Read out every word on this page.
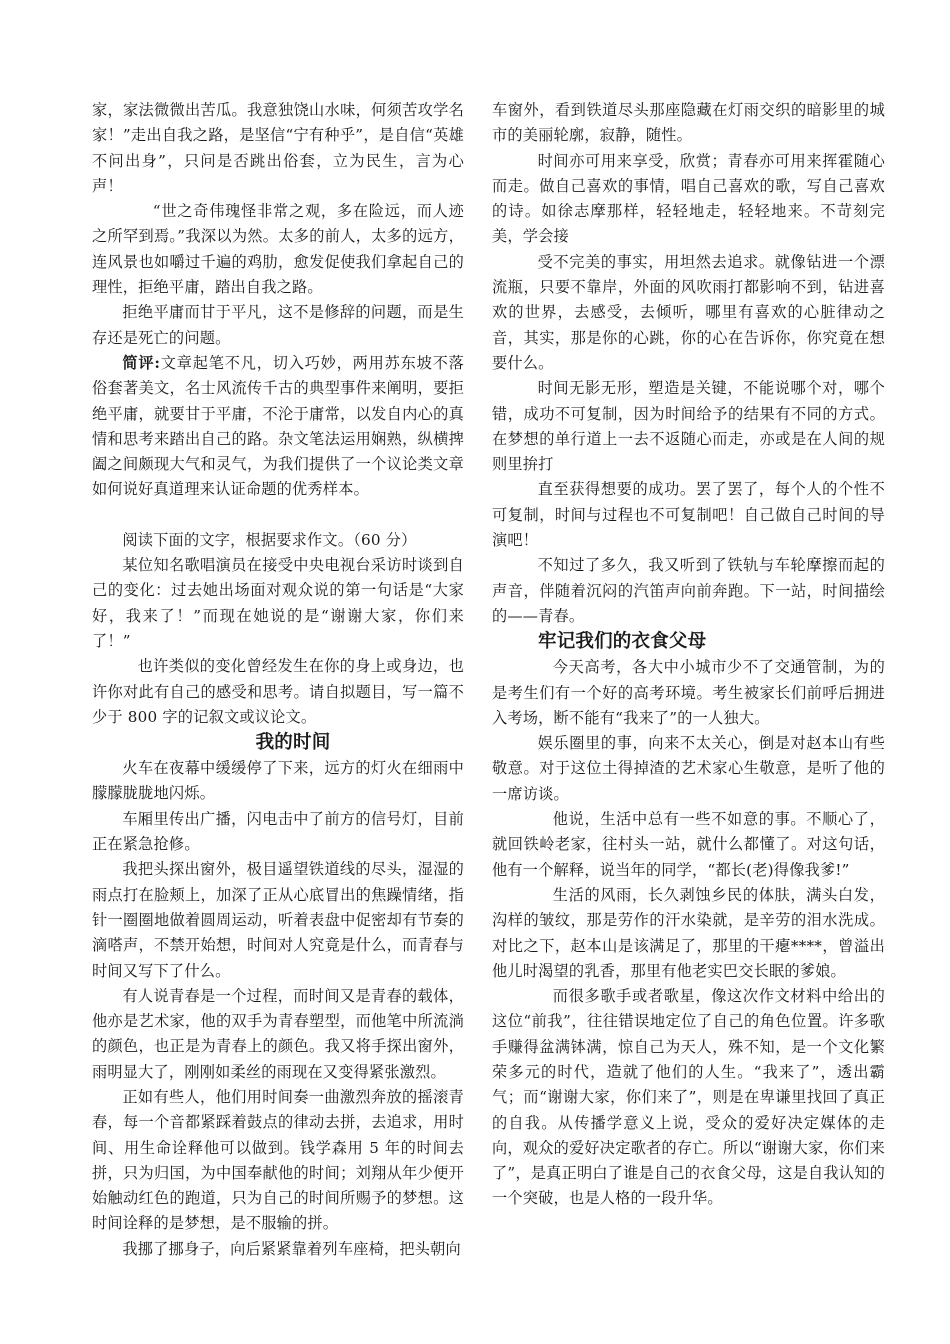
家，家法微微出苦瓜。我意独饶山水味，何须苦攻学名家！”走出自我之路，是坚信“宁有种乎”，是自信“英雄不问出身”，只问是否跳出俗套，立为民生，言为心声！

“世之奇伟瑰怪非常之观，多在险远，而人迹之所罕到焉。”我深以为然。太多的前人，太多的远方，连风景也如嚼过千遍的鸡肋，愈发促使我们拿起自己的理性，拒绝平庸，踏出自我之路。

拒绝平庸而甘于平凡，这不是修辞的问题，而是生存还是死亡的问题。

简评:文章起笔不凡，切入巧妙，两用苏东坡不落俗套著美文，名士风流传千古的典型事件来阐明，要拒绝平庸，就要甘于平庸，不沦于庸常，以发自内心的真情和思考来踏出自己的路。杂文笔法运用娴熟，纵横捭阖之间颇现大气和灵气，为我们提供了一个议论类文章如何说好真道理来认证命题的优秀样本。

阅读下面的文字，根据要求作文。（60 分）

某位知名歌唱演员在接受中央电视台采访时谈到自己的变化：过去她出场面对观众说的第一句话是“大家好，我来了！”而现在她说的是“谢谢大家，你们来了！”

也许类似的变化曾经发生在你的身上或身边，也许你对此有自己的感受和思考。请自拟题目，写一篇不少于 800 字的记叙文或议论文。

我的时间

火车在夜幕中缓缓停了下来，远方的灯火在细雨中朦朦胧胧地闪烁。

车厢里传出广播，闪电击中了前方的信号灯，目前正在紧急抢修。

我把头探出窗外，极目遥望铁道线的尽头，湿湿的雨点打在脸颊上，加深了正从心底冒出的焦躁情绪，指针一圈圈地做着圆周运动，听着表盘中促密却有节奏的滴嗒声，不禁开始想，时间对人究竟是什么，而青春与时间又写下了什么。

有人说青春是一个过程，而时间又是青春的载体，他亦是艺术家，他的双手为青春塑型，而他笔中所流淌的颜色，也正是为青春上的颜色。我又将手探出窗外，雨明显大了，刚刚如柔丝的雨现在又变得紧张激烈。

正如有些人，他们用时间奏一曲激烈奔放的摇滚青春，每一个音都紧踩着鼓点的律动去拼，去追求，用时间、用生命诠释他可以做到。钱学森用 5 年的时间去拼，只为归国，为中国奉献他的时间；刘翔从年少便开始触动红色的跑道，只为自己的时间所赐予的梦想。这时间诠释的是梦想，是不服输的拼。

我挪了挪身子，向后紧紧靠着列车座椅，把头朝向

车窗外，看到铁道尽头那座隐藏在灯雨交织的暗影里的城市的美丽轮廓，寂静，随性。

时间亦可用来享受，欣赏；青春亦可用来挥霍随心而走。做自己喜欢的事情，唱自己喜欢的歌，写自己喜欢的诗。如徐志摩那样，轻轻地走，轻轻地来。不苛刻完美，学会接

受不完美的事实，用坦然去追求。就像钻进一个漂流瓶，只要不靠岸，外面的风吹雨打都影响不到，钻进喜欢的世界，去感受，去倾听，哪里有喜欢的心脏律动之音，其实，那是你的心跳，你的心在告诉你，你究竟在想要什么。

时间无影无形，塑造是关键，不能说哪个对，哪个错，成功不可复制，因为时间给予的结果有不同的方式。在梦想的单行道上一去不返随心而走，亦或是在人间的规则里拚打

直至获得想要的成功。罢了罢了，每个人的个性不可复制，时间与过程也不可复制吧！自己做自己时间的导演吧！

不知过了多久，我又听到了铁轨与车轮摩擦而起的声音，伴随着沉闷的汽笛声向前奔跑。下一站，时间描绘的——青春。

牢记我们的衣食父母

今天高考，各大中小城市少不了交通管制，为的是考生们有一个好的高考环境。考生被家长们前呼后拥进入考场，断不能有“我来了”的一人独大。

娱乐圈里的事，向来不太关心，倒是对赵本山有些敬意。对于这位土得掉渣的艺术家心生敬意，是听了他的一席访谈。

他说，生活中总有一些不如意的事。不顺心了，就回铁岭老家，往村头一站，就什么都懂了。对这句话，他有一个解释，说当年的同学，“都长(老)得像我爹!”

生活的风雨，长久剥蚀乡民的体肤，满头白发，沟样的皱纹，那是劳作的汗水染就，是辛劳的泪水洗成。对比之下，赵本山是该满足了，那里的干瘪****，曾溢出他儿时渴望的乳香，那里有他老实巴交长眠的爹娘。

而很多歌手或者歌星，像这次作文材料中给出的这位“前我”，往往错误地定位了自己的角色位置。许多歌手赚得盆满钵满，惊自己为天人，殊不知，是一个文化繁荣多元的时代，造就了他们的人生。“我来了”，透出霸气；而“谢谢大家，你们来了”，则是在卑谦里找回了真正的自我。从传播学意义上说，受众的爱好决定媒体的走向，观众的爱好决定歌者的存亡。所以“谢谢大家，你们来了”，是真正明白了谁是自己的衣食父母，这是自我认知的一个突破，也是人格的一段升华。
